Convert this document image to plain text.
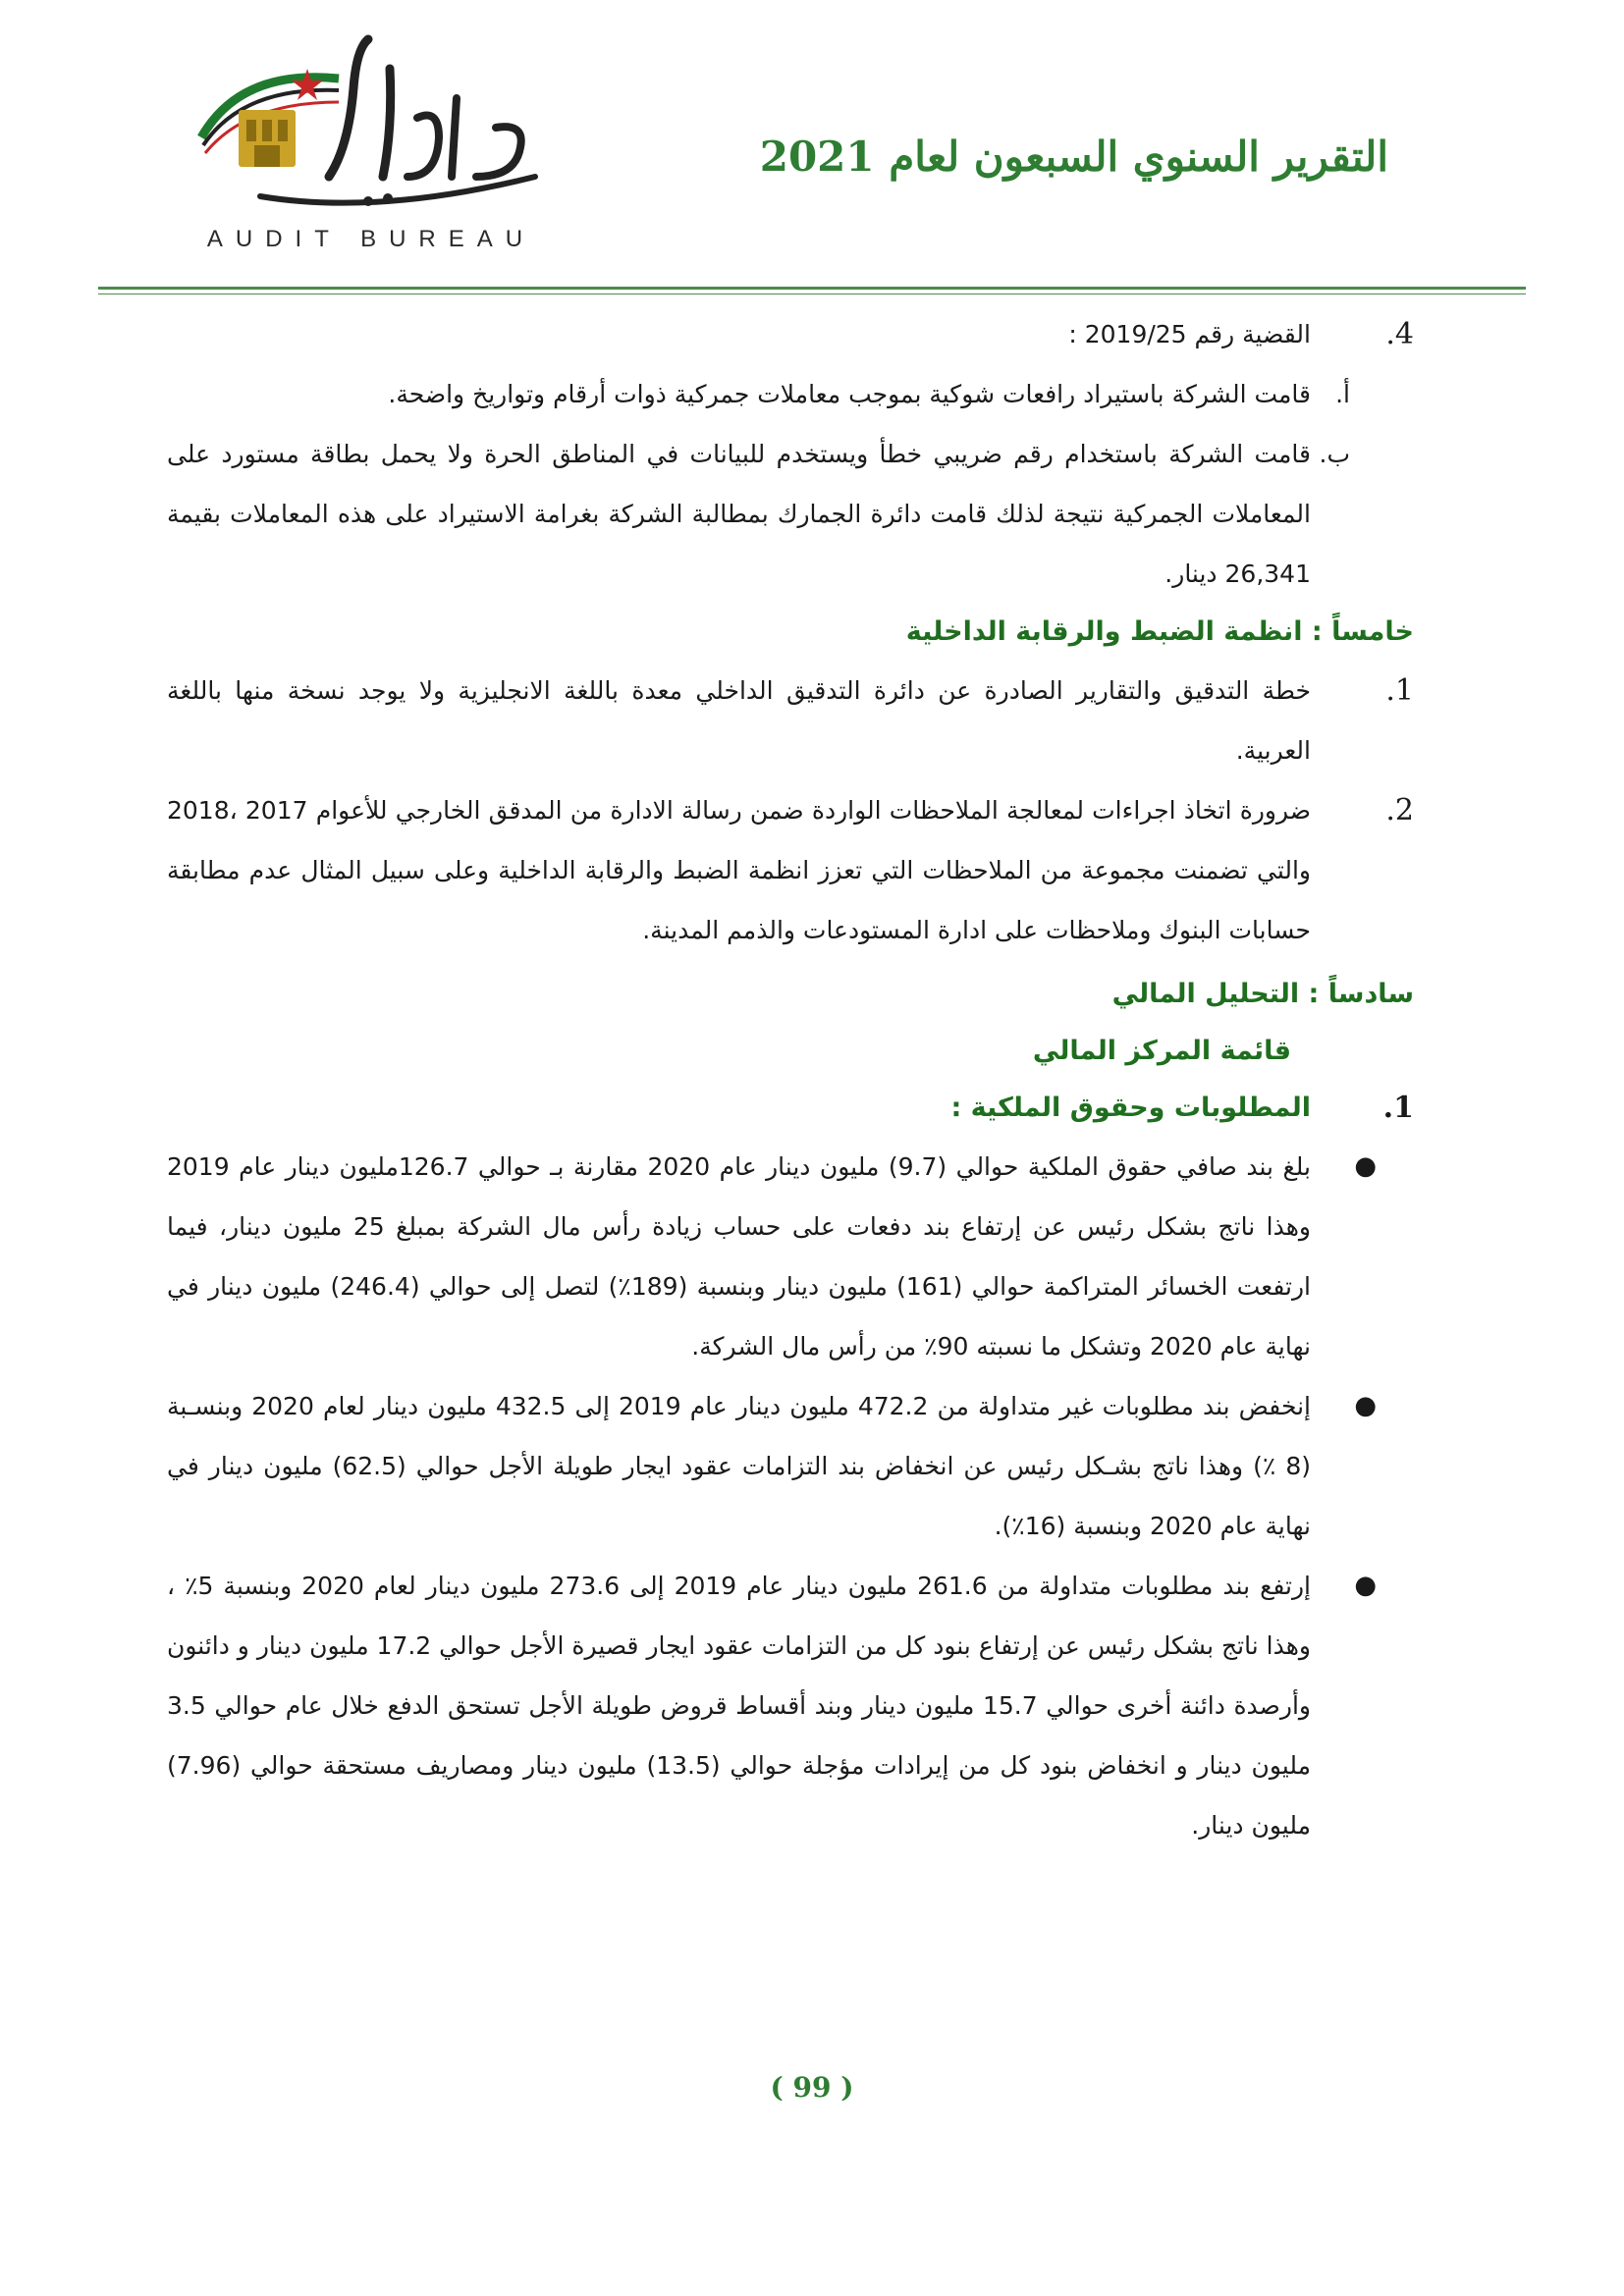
AUDIT BUREAU
التقرير السنوي السبعون لعام 2021
4.
القضية رقم 2019/25 :
أ.
قامت الشركة باستيراد رافعات شوكية بموجب معاملات جمركية ذوات أرقام وتواريخ واضحة.
ب.
قامت الشركة باستخدام رقم ضريبي خطأ ويستخدم للبيانات في المناطق الحرة ولا يحمل بطاقة مستورد على المعاملات الجمركية نتيجة لذلك قامت دائرة الجمارك بمطالبة الشركة بغرامة الاستيراد على هذه المعاملات بقيمة 26,341 دينار.
خامساً : انظمة الضبط والرقابة الداخلية
1.
خطة التدقيق والتقارير الصادرة عن دائرة التدقيق الداخلي معدة باللغة الانجليزية ولا يوجد نسخة منها باللغة العربية.
2.
ضرورة اتخاذ اجراءات لمعالجة الملاحظات الواردة ضمن رسالة الادارة من المدقق الخارجي للأعوام 2017 ،2018 والتي تضمنت مجموعة من الملاحظات التي تعزز انظمة الضبط والرقابة الداخلية وعلى سبيل المثال عدم مطابقة حسابات البنوك وملاحظات على ادارة المستودعات والذمم المدينة.
سادساً : التحليل المالي
قائمة المركز المالي
1.
المطلوبات وحقوق الملكية :
●
بلغ بند صافي حقوق الملكية حوالي (9.7) مليون دينار عام 2020 مقارنة بـ حوالي 126.7مليون دينار عام 2019 وهذا ناتج بشكل رئيس عن إرتفاع بند دفعات على حساب زيادة رأس مال الشركة بمبلغ 25 مليون دينار، فيما ارتفعت الخسائر المتراكمة حوالي (161) مليون دينار وبنسبة (189٪) لتصل إلى حوالي (246.4) مليون دينار في نهاية عام 2020 وتشكل ما نسبته 90٪ من رأس مال الشركة.
●
إنخفض بند مطلوبات غير متداولة من 472.2 مليون دينار عام 2019 إلى 432.5 مليون دينار لعام 2020 وبنسـبة (8 ٪) وهذا ناتج بشـكل رئيس عن انخفاض بند التزامات عقود ايجار طويلة الأجل حوالي (62.5) مليون دينار في نهاية عام 2020 وبنسبة (16٪).
●
إرتفع بند مطلوبات متداولة من 261.6 مليون دينار عام 2019 إلى 273.6 مليون دينار لعام 2020 وبنسبة 5٪ ، وهذا ناتج بشكل رئيس عن إرتفاع بنود كل من التزامات عقود ايجار قصيرة الأجل حوالي 17.2 مليون دينار و دائنون وأرصدة دائنة أخرى حوالي 15.7 مليون دينار وبند أقساط قروض طويلة الأجل تستحق الدفع خلال عام حوالي 3.5 مليون دينار و انخفاض بنود كل من إيرادات مؤجلة حوالي (13.5) مليون دينار ومصاريف مستحقة حوالي (7.96) مليون دينار.
( 99 )
